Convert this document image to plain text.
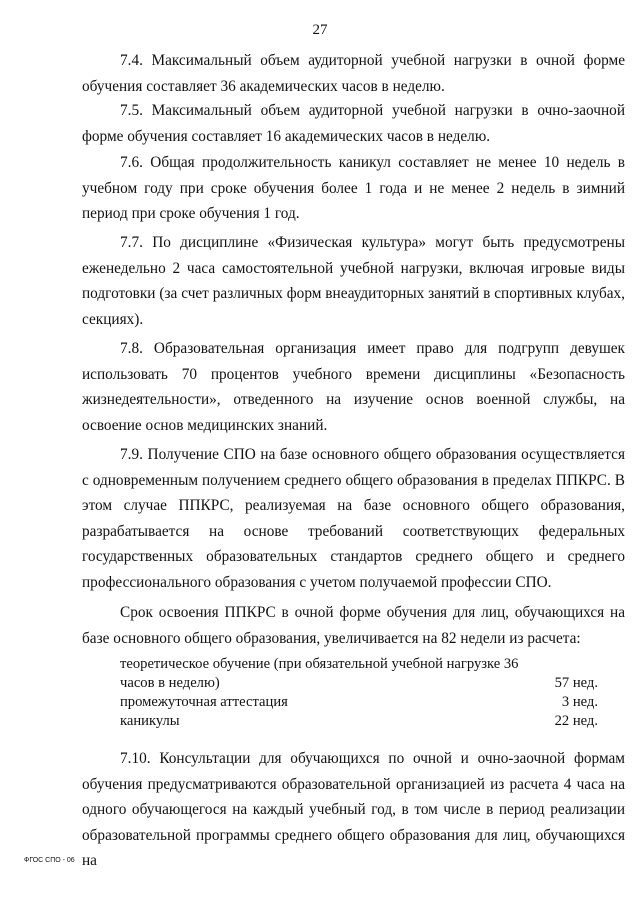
27

7.4. Максимальный объем аудиторной учебной нагрузки в очной форме обучения составляет 36 академических часов в неделю.

7.5. Максимальный объем аудиторной учебной нагрузки в очно-заочной форме обучения составляет 16 академических часов в неделю.

7.6. Общая продолжительность каникул составляет не менее 10 недель в учебном году при сроке обучения более 1 года и не менее 2 недель в зимний период при сроке обучения 1 год.

7.7. По дисциплине «Физическая культура» могут быть предусмотрены еженедельно 2 часа самостоятельной учебной нагрузки, включая игровые виды подготовки (за счет различных форм внеаудиторных занятий в спортивных клубах, секциях).

7.8. Образовательная организация имеет право для подгрупп девушек использовать 70 процентов учебного времени дисциплины «Безопасность жизнедеятельности», отведенного на изучение основ военной службы, на освоение основ медицинских знаний.

7.9. Получение СПО на базе основного общего образования осуществляется с одновременным получением среднего общего образования в пределах ППКРС. В этом случае ППКРС, реализуемая на базе основного общего образования, разрабатывается на основе требований соответствующих федеральных государственных образовательных стандартов среднего общего и среднего профессионального образования с учетом получаемой профессии СПО.

Срок освоения ППКРС в очной форме обучения для лиц, обучающихся на базе основного общего образования, увеличивается на 82 недели из расчета:

теоретическое обучение (при обязательной учебной нагрузке 36
часов в неделю)	57 нед.
промежуточная аттестация	3 нед.
каникулы	22 нед.

7.10. Консультации для обучающихся по очной и очно-заочной формам обучения предусматриваются образовательной организацией из расчета 4 часа на одного обучающегося на каждый учебный год, в том числе в период реализации образовательной программы среднего общего образования для лиц, обучающихся на

ФГОС СПО - 06
